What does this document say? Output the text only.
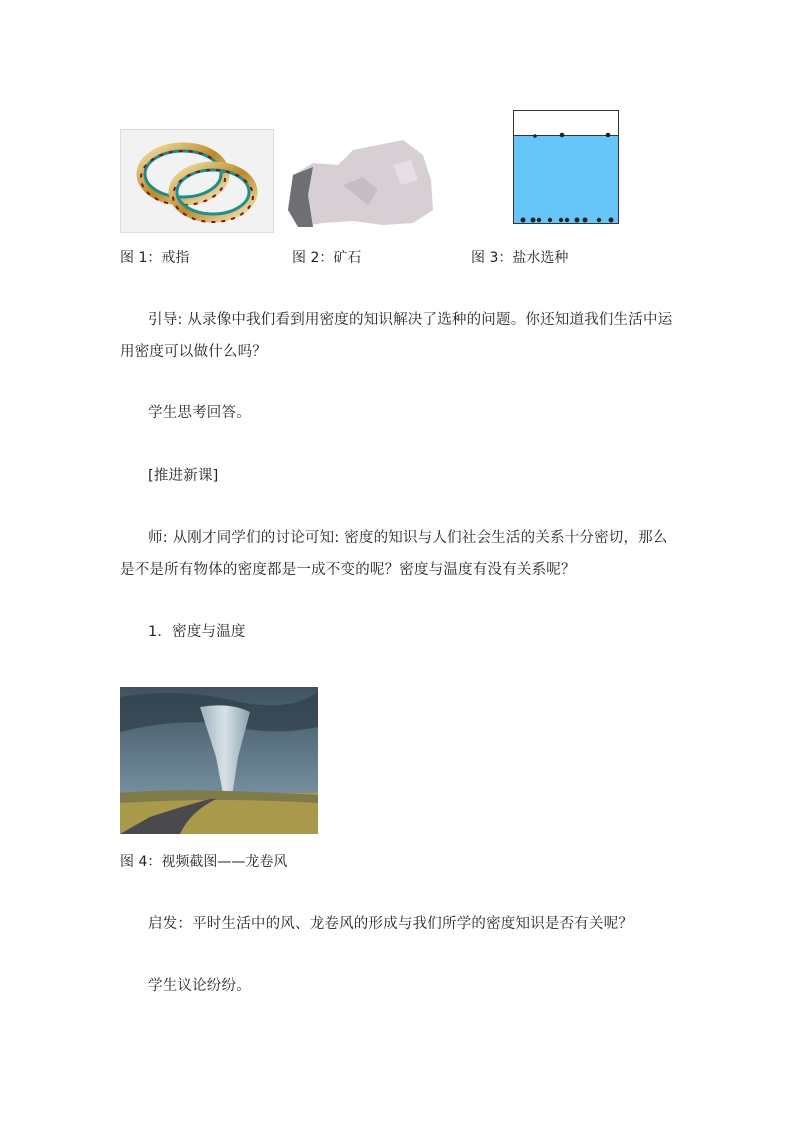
图 1：戒指	图 2：矿石	图 3：盐水选种
引导: 从录像中我们看到用密度的知识解决了选种的问题。你还知道我们生活中运用密度可以做什么吗？
学生思考回答。
[推进新课]
师: 从刚才同学们的讨论可知: 密度的知识与人们社会生活的关系十分密切，那么是不是所有物体的密度都是一成不变的呢？密度与温度有没有关系呢？
1．密度与温度
图 4：视频截图——龙卷风
启发：平时生活中的风、龙卷风的形成与我们所学的密度知识是否有关呢？
学生议论纷纷。
